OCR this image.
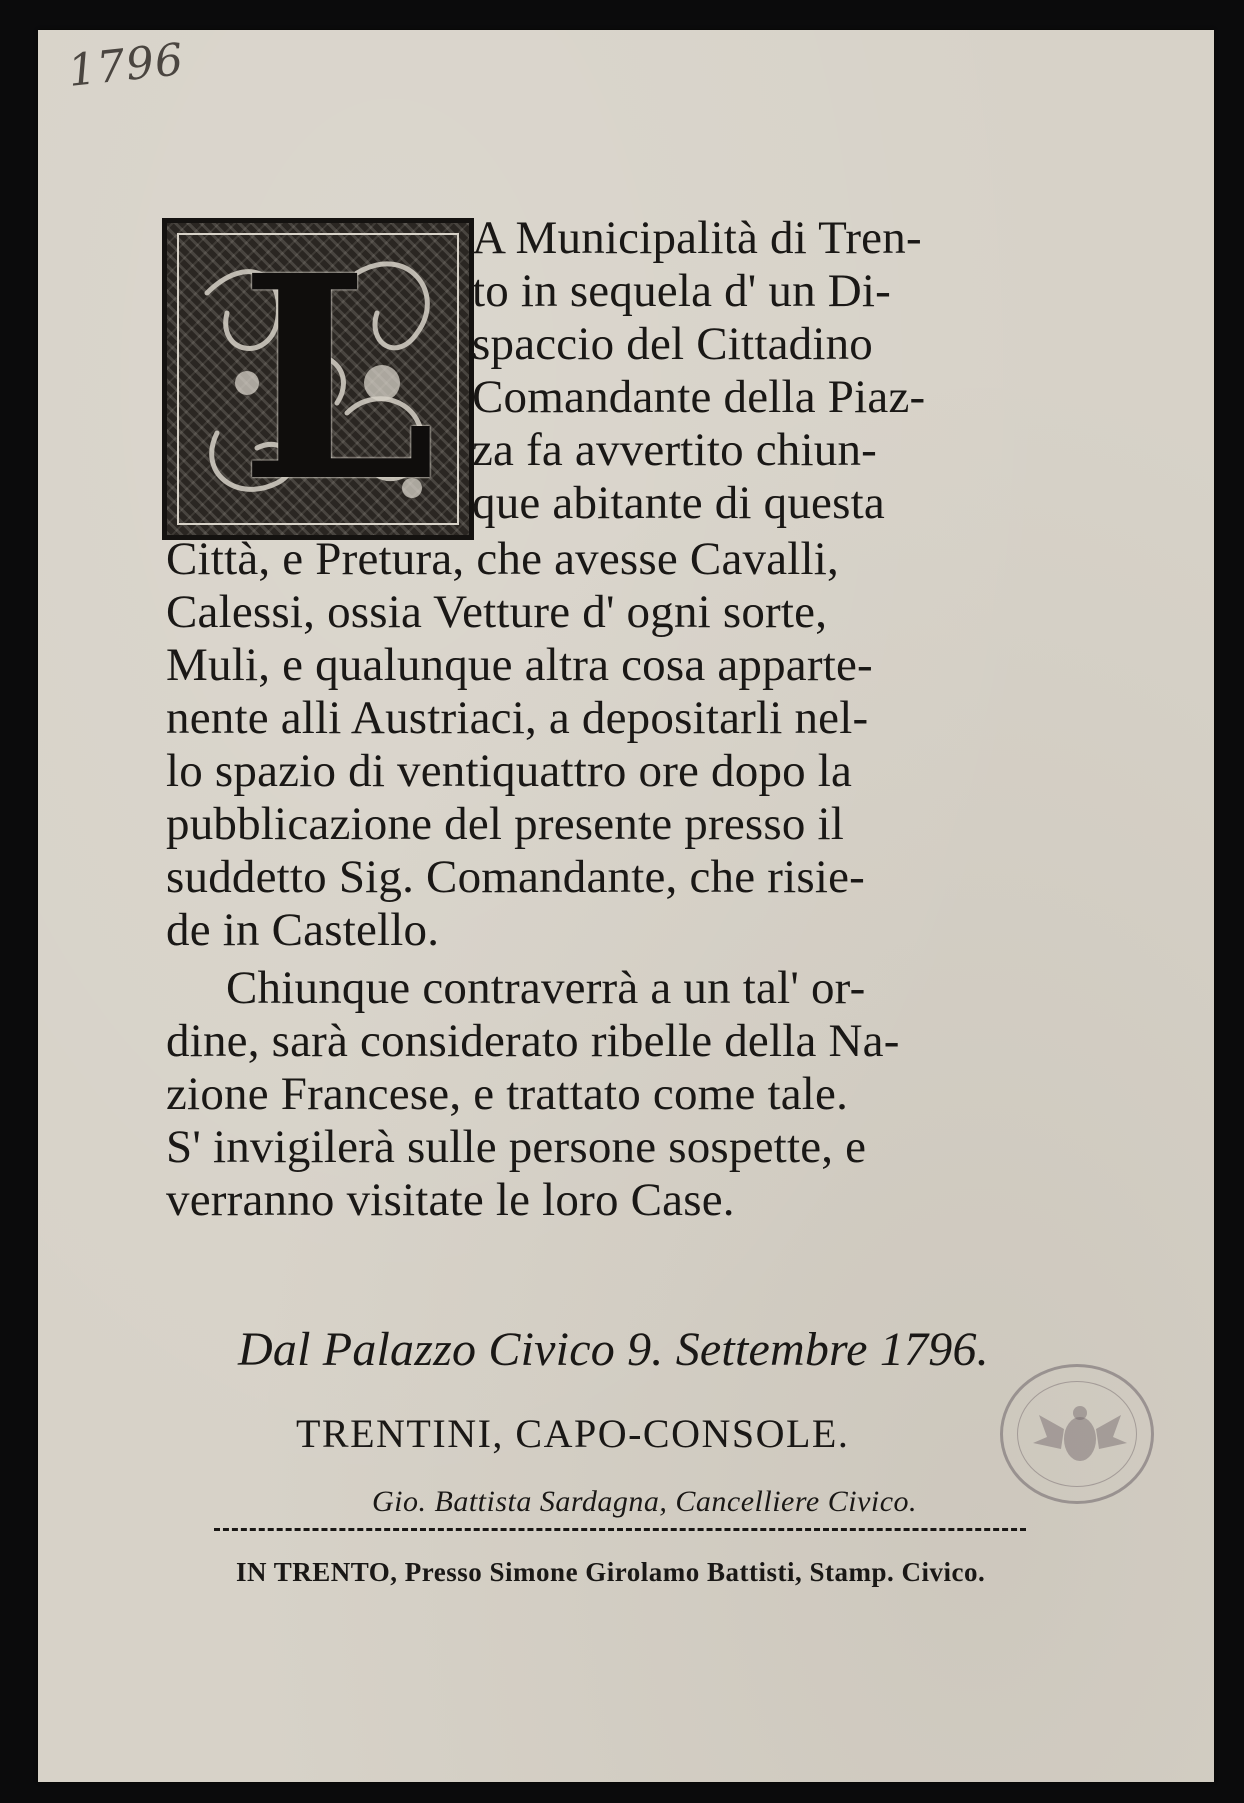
1796
L A Municipalità di Tren-
to in sequela d' un Di-
spaccio del Cittadino
Comandante della Piaz-
za fa avvertito chiun-
que abitante di questa
Città, e Pretura, che avesse Cavalli,
Calessi, ossia Vetture d' ogni sorte,
Muli, e qualunque altra cosa apparte-
nente alli Austriaci, a depositarli nel-
lo spazio di ventiquattro ore dopo la
pubblicazione del presente presso il
suddetto Sig. Comandante, che risie-
de in Castello.
Chiunque contraverrà a un tal' or-
dine, sarà considerato ribelle della Na-
zione Francese, e trattato come tale.
S' invigilerà sulle persone sospette, e
verranno visitate le loro Case.
Dal Palazzo Civico 9. Settembre 1796.
TRENTINI, CAPO-CONSOLE.
Gio. Battista Sardagna, Cancelliere Civico.
IN TRENTO, Presso Simone Girolamo Battisti, Stamp. Civico.
